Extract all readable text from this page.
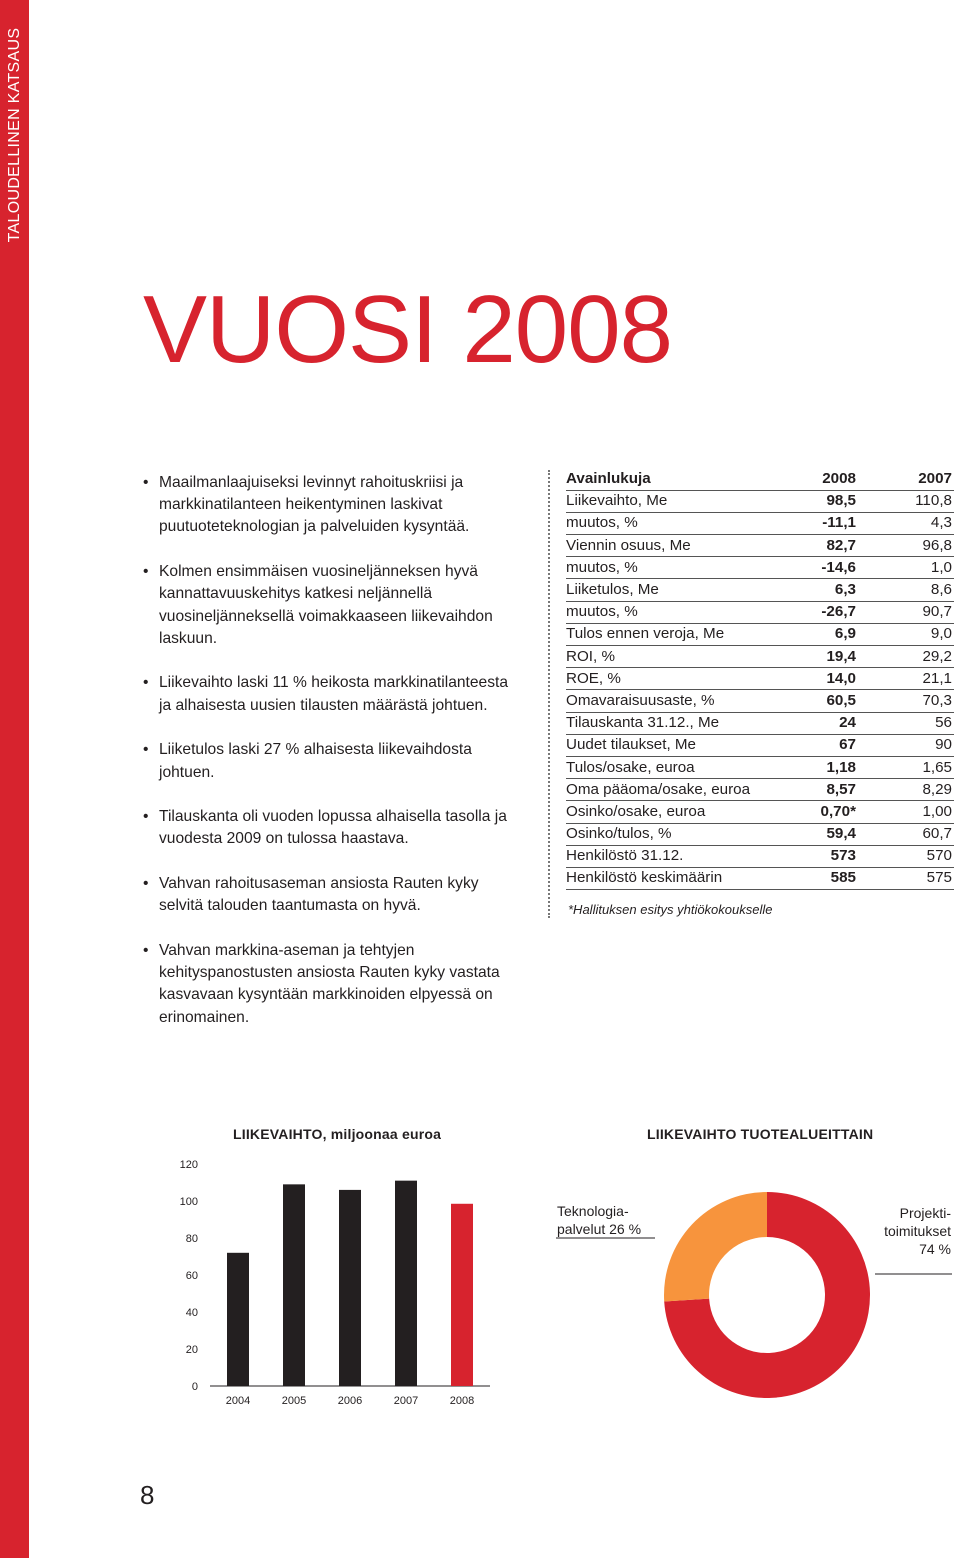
TALOUDELLINEN KATSAUS
VUOSI 2008
• Maailmanlaajuiseksi levinnyt rahoituskriisi ja markkinatilanteen heikentyminen laskivat puutuoteteknologian ja palveluiden kysyntää.
• Kolmen ensimmäisen vuosineljänneksen hyvä kannattavuuskehitys katkesi neljännellä vuosineljänneksellä voimakkaaseen liikevaihdon laskuun.
• Liikevaihto laski 11 % heikosta markkinatilanteesta ja alhaisesta uusien tilausten määrästä johtuen.
• Liiketulos laski 27 % alhaisesta liikevaihdosta johtuen.
• Tilauskanta oli vuoden lopussa alhaisella tasolla ja vuodesta 2009 on tulossa haastava.
• Vahvan rahoitusaseman ansiosta Rauten kyky selvitä talouden taantumasta on hyvä.
• Vahvan markkina-aseman ja tehtyjen kehityspanostusten ansiosta Rauten kyky vastata kasvavaan kysyntään markkinoiden elpyessä on erinomainen.
Avainlukuja	2008	2007
Liikevaihto, Me	98,5	110,8
muutos, %	-11,1	4,3
Viennin osuus, Me	82,7	96,8
muutos, %	-14,6	1,0
Liiketulos, Me	6,3	8,6
muutos, %	-26,7	90,7
Tulos ennen veroja, Me	6,9	9,0
ROI, %	19,4	29,2
ROE, %	14,0	21,1
Omavaraisuusaste, %	60,5	70,3
Tilauskanta 31.12., Me	24	56
Uudet tilaukset, Me	67	90
Tulos/osake, euroa	1,18	1,65
Oma pääoma/osake, euroa	8,57	8,29
Osinko/osake, euroa	0,70*	1,00
Osinko/tulos, %	59,4	60,7
Henkilöstö 31.12.	573	570
Henkilöstö keskimäärin	585	575
*Hallituksen esitys yhtiökokoukselle
LIIKEVAIHTO, miljoonaa euroa
0
20
40
60
80
100
120
2004	2005	2006	2007	2008
LIIKEVAIHTO TUOTEALUEITTAIN
Projekti-
toimitukset
74 %
Teknologia-
palvelut 26 %
8
